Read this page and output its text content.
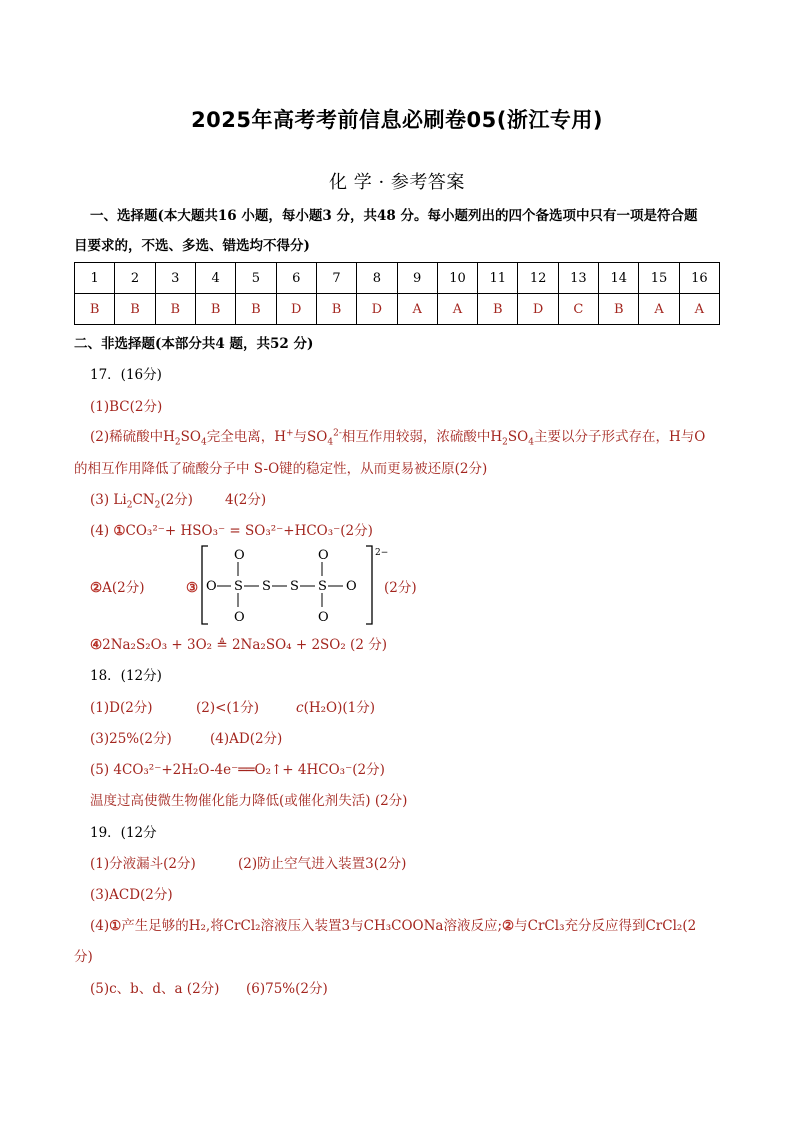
2025年高考考前信息必刷卷05(浙江专用)
化 学 · 参考答案
一、选择题(本大题共16 小题，每小题3 分，共48 分。每小题列出的四个备选项中只有一项是符合题
目要求的，不选、多选、错选均不得分)
1	2	3	4	5	6	7	8	9	10	11	12	13	14	15	16
B	B	B	B	B	D	B	D	A	A	B	D	C	B	A	A
二、非选择题(本部分共4 题，共52 分)
17．(16分)
(1)BC(2分)
(2)稀硫酸中$H_2SO_4$完全电离，H+与$SO_4^{2-}$相互作用较弱，浓硫酸中$H_2SO_4$主要以分子形式存在，H与O
的相互作用降低了硫酸分子中 S-O键的稳定性，从而更易被还原(2分)
(3) $Li_2CN_2(2$分) 4(2分)
(4) ①CO₃²⁻+ HSO₃⁻ = SO₃²⁻+HCO₃⁻(2分)
②A(2分)	③
2−
O S
O
O
S S S
O
O
O (2分)
④2Na₂S₂O₃ + 3O₂ ≜ 2Na₂SO₄ + 2SO₂ (2 分)
18．(12分)
(1)D(2分)	(2)<(1分)	c(H₂O)(1分)
(3)25%(2分)	(4)AD(2分)
(5) 4CO₃²⁻+2H₂O-4e⁻══O₂↑+ 4HCO₃⁻(2分)
温度过高使微生物催化能力降低(或催化剂失活) (2分)
19．(12分
(1)分液漏斗(2分)	(2)防止空气进入装置3(2分)
(3)ACD(2分)
(4)①产生足够的H₂,将CrCl₂溶液压入装置3与CH₃COONa溶液反应;②与CrCl₃充分反应得到CrCl₂(2
分)
(5)c、b、d、a (2分) (6)75%(2分)
